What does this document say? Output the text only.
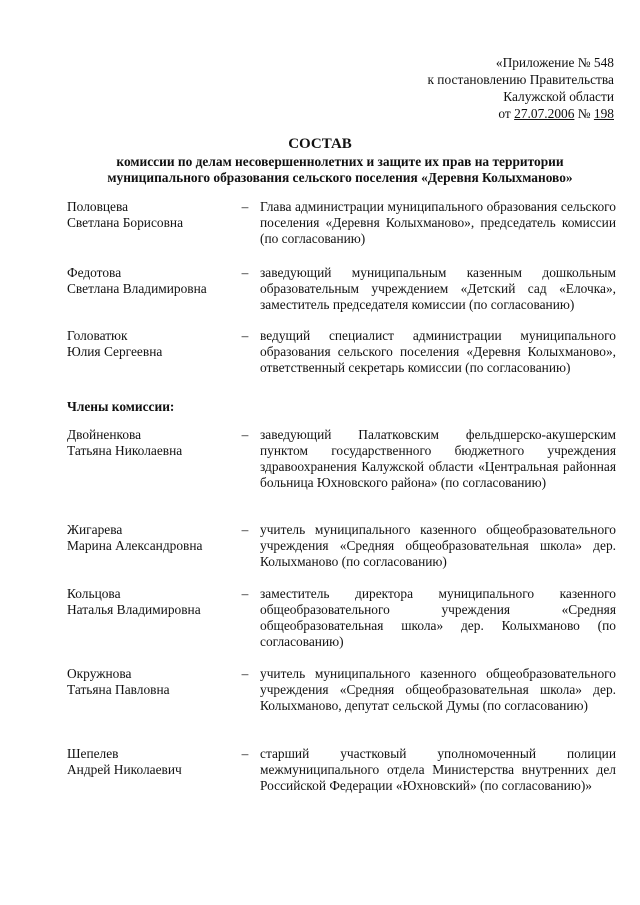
«Приложение № 548
к постановлению Правительства
Калужской области
от 27.07.2006 № 198
СОСТАВ
комиссии по делам несовершеннолетних и защите их прав на территории
муниципального образования сельского поселения «Деревня Колыхманово»
Половцева
Светлана Борисовна
– Глава администрации муниципального образования сельского поселения «Деревня Колыхманово», председатель комиссии (по согласованию)
Федотова
Светлана Владимировна
– заведующий муниципальным казенным дошкольным образовательным учреждением «Детский сад «Елочка», заместитель председателя комиссии (по согласованию)
Головатюк
Юлия Сергеевна
– ведущий специалист администрации муниципального образования сельского поселения «Деревня Колыхманово», ответственный секретарь комиссии (по согласованию)
Члены комиссии:
Двойненкова
Татьяна Николаевна
– заведующий Палатковским фельдшерско-акушерским пунктом государственного бюджетного учреждения здравоохранения Калужской области «Центральная районная больница Юхновского района» (по согласованию)
Жигарева
Марина Александровна
– учитель муниципального казенного общеобразовательного учреждения «Средняя общеобразовательная школа» дер. Колыхманово (по согласованию)
Кольцова
Наталья Владимировна
– заместитель директора муниципального казенного общеобразовательного учреждения «Средняя общеобразовательная школа» дер. Колыхманово (по согласованию)
Окружнова
Татьяна Павловна
– учитель муниципального казенного общеобразовательного учреждения «Средняя общеобразовательная школа» дер. Колыхманово, депутат сельской Думы (по согласованию)
Шепелев
Андрей Николаевич
– старший участковый уполномоченный полиции межмуниципального отдела Министерства внутренних дел Российской Федерации «Юхновский» (по согласованию)»
